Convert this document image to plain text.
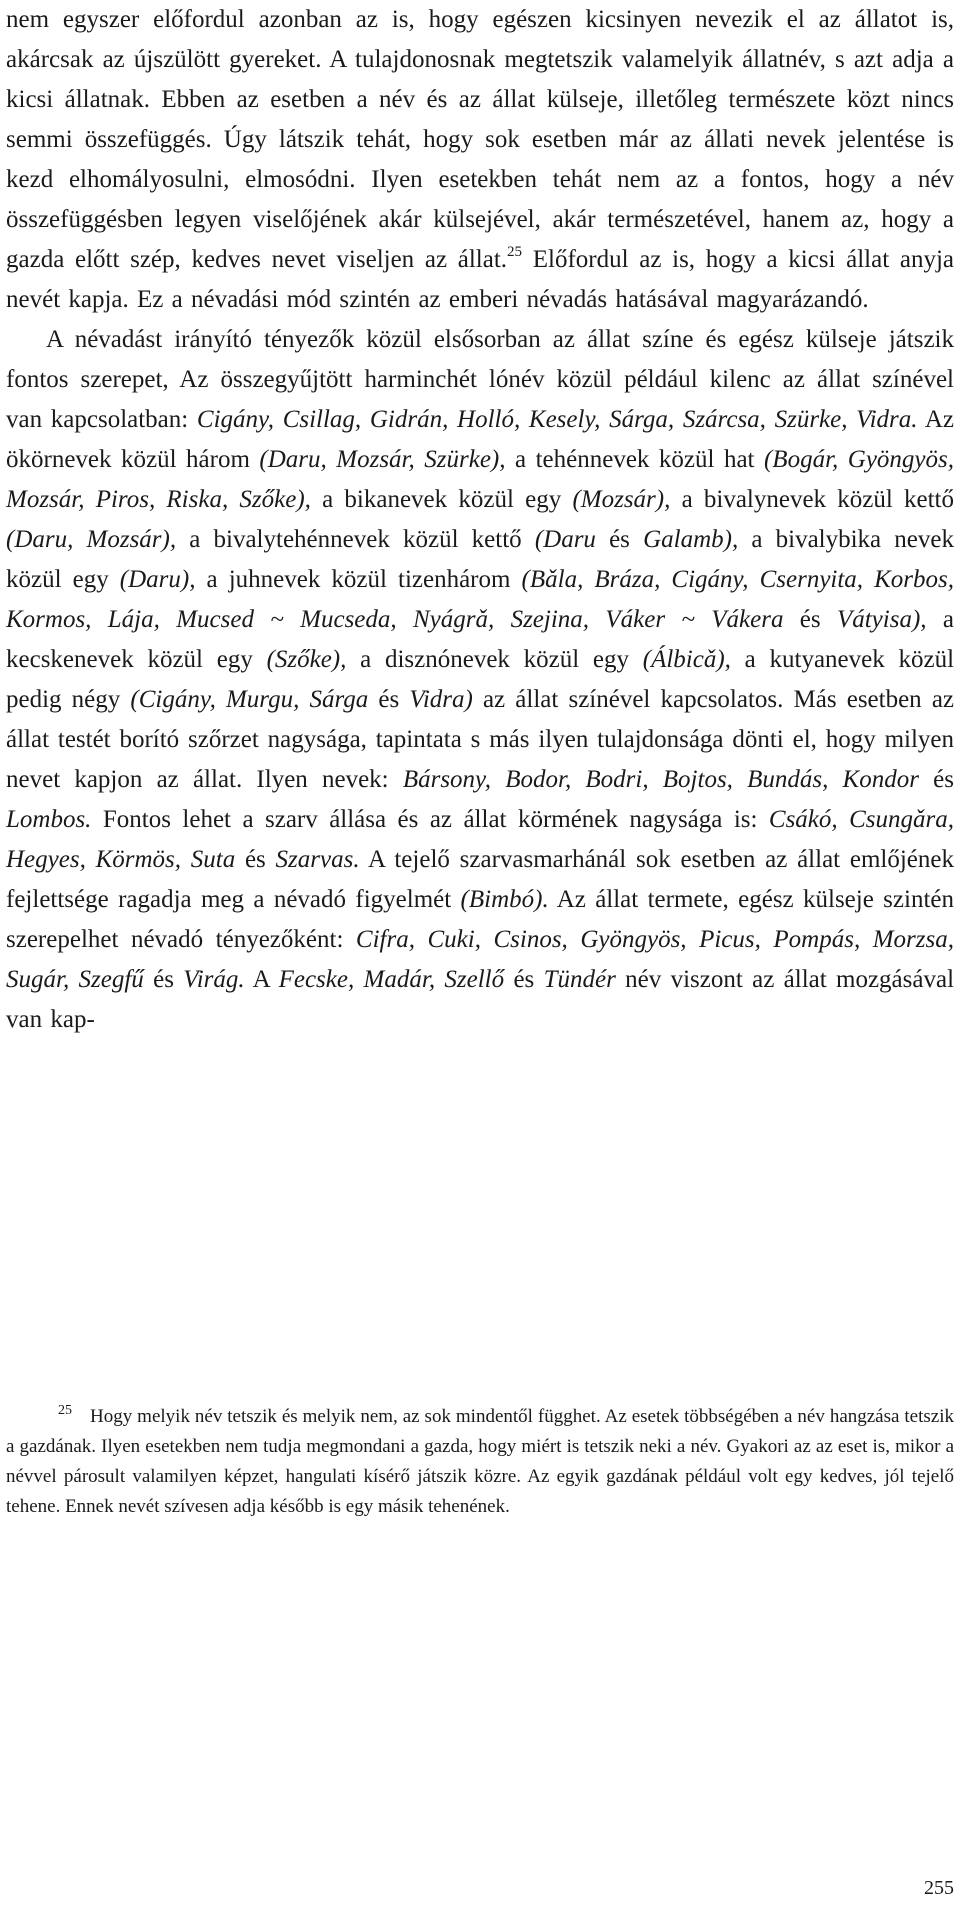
nem egyszer előfordul azonban az is, hogy egészen kicsinyen nevezik el az állatot is, akárcsak az újszülött gyereket. A tulajdonosnak megtetszik valamelyik állatnév, s azt adja a kicsi állatnak. Ebben az esetben a név és az állat külseje, illetőleg természete közt nincs semmi összefüggés. Úgy látszik tehát, hogy sok esetben már az állati nevek jelentése is kezd elhomályosulni, elmosódni. Ilyen esetekben tehát nem az a fontos, hogy a név összefüggésben legyen viselőjének akár külsejével, akár természetével, hanem az, hogy a gazda előtt szép, kedves nevet viseljen az állat.$^{25}$ Előfordul az is, hogy a kicsi állat anyja nevét kapja. Ez a névadási mód szintén az emberi névadás hatásával magyarázandó.

A névadást irányító tényezők közül elsősorban az állat színe és egész külseje játszik fontos szerepet, Az összegyűjtött harminchét lónév közül például kilenc az állat színével van kapcsolatban: Cigány, Csillag, Gidrán, Holló, Kesely, Sárga, Szárcsa, Szürke, Vidra. Az ökörnevek közül három (Daru, Mozsár, Szürke), a tehénnevek közül hat (Bogár, Gyöngyös, Mozsár, Piros, Riska, Szőke), a bikanevek közül egy (Mozsár), a bivalynevek közül kettő (Daru, Mozsár), a bivalytehénnevek közül kettő (Daru és Galamb), a bivalybika nevek közül egy (Daru), a juhnevek közül tizenhárom (Bǎla, Bráza, Cigány, Csernyita, Korbos, Kormos, Lája, Mucsed ~ Mucseda, Nyágrǎ, Szejina, Váker ~ Vákera és Vátyisa), a kecskenevek közül egy (Szőke), a disznónevek közül egy (Álbicǎ), a kutyanevek közül pedig négy (Cigány, Murgu, Sárga és Vidra) az állat színével kapcsolatos. Más esetben az állat testét borító szőrzet nagysága, tapintata s más ilyen tulajdonsága dönti el, hogy milyen nevet kapjon az állat. Ilyen nevek: Bársony, Bodor, Bodri, Bojtos, Bundás, Kondor és Lombos. Fontos lehet a szarv állása és az állat körmének nagysága is: Csákó, Csungǎra, Hegyes, Körmös, Suta és Szarvas. A tejelő szarvasmarhánál sok esetben az állat emlőjének fejlettsége ragadja meg a névadó figyelmét (Bimbó). Az állat termete, egész külseje szintén szerepelhet névadó tényezőként: Cifra, Cuki, Csinos, Gyöngyös, Picus, Pompás, Morzsa, Sugár, Szegfű és Virág. A Fecske, Madár, Szellő és Tündér név viszont az állat mozgásával van kap-

$^{25}$ Hogy melyik név tetszik és melyik nem, az sok mindentől függhet. Az esetek többségében a név hangzása tetszik a gazdának. Ilyen esetekben nem tudja megmondani a gazda, hogy miért is tetszik neki a név. Gyakori az az eset is, mikor a névvel párosult valamilyen képzet, hangulati kísérő játszik közre. Az egyik gazdának például volt egy kedves, jól tejelő tehene. Ennek nevét szívesen adja később is egy másik tehenének.

255
